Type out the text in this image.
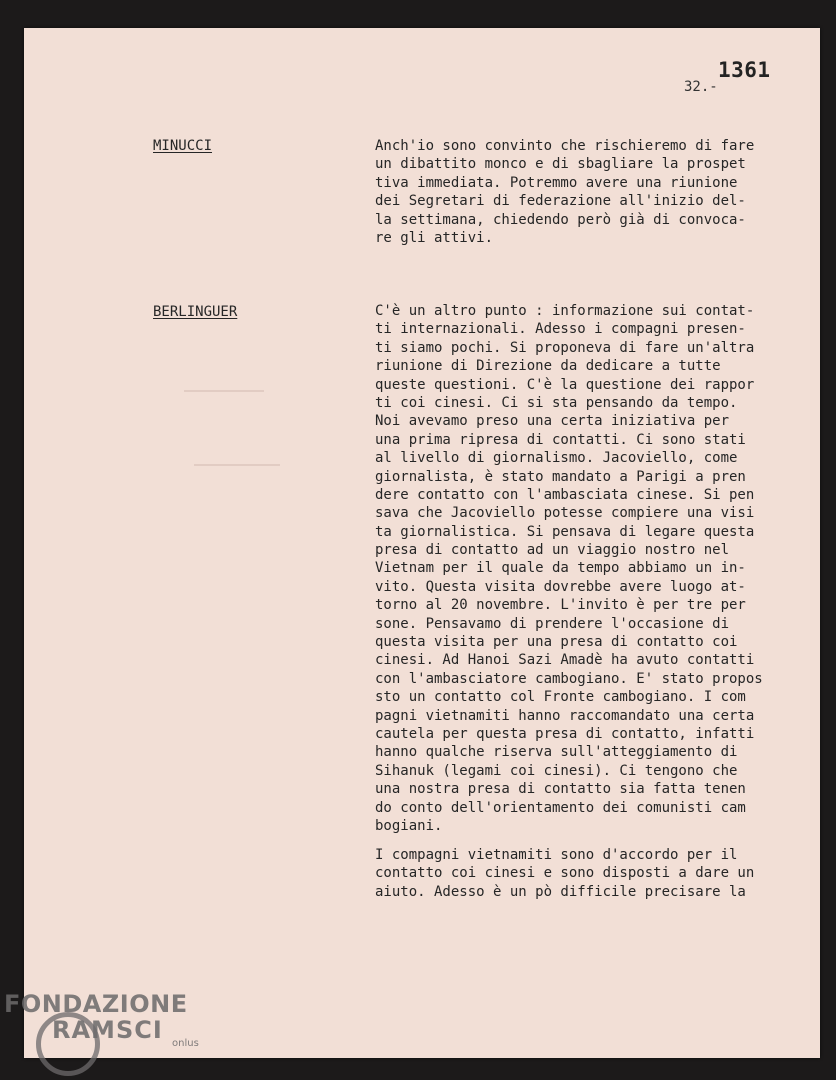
1361
32.-
MINUCCI	Anch'io sono convinto che rischieremo di fare
un dibattito monco e di sbagliare la prospet
tiva immediata. Potremmo avere una riunione
dei Segretari di federazione all'inizio del-
la settimana, chiedendo però già di convoca-
re gli attivi.
BERLINGUER	C'è un altro punto : informazione sui contat-
ti internazionali. Adesso i compagni presen-
ti siamo pochi. Si proponeva di fare un'altra
riunione di Direzione da dedicare a tutte
queste questioni. C'è la questione dei rappor
ti coi cinesi. Ci si sta pensando da tempo.
Noi avevamo preso una certa iniziativa per
una prima ripresa di contatti. Ci sono stati
al livello di giornalismo. Jacoviello, come
giornalista, è stato mandato a Parigi a pren
dere contatto con l'ambasciata cinese. Si pen
sava che Jacoviello potesse compiere una visi
ta giornalistica. Si pensava di legare questa
presa di contatto ad un viaggio nostro nel
Vietnam per il quale da tempo abbiamo un in-
vito. Questa visita dovrebbe avere luogo at-
torno al 20 novembre. L'invito è per tre per
sone. Pensavamo di prendere l'occasione di
questa visita per una presa di contatto coi
cinesi. Ad Hanoi Sazi Amadè ha avuto contatti
con l'ambasciatore cambogiano. E' stato propos
sto un contatto col Fronte cambogiano. I com
pagni vietnamiti hanno raccomandato una certa
cautela per questa presa di contatto, infatti
hanno qualche riserva sull'atteggiamento di
Sihanuk (legami coi cinesi). Ci tengono che
una nostra presa di contatto sia fatta tenen
do conto dell'orientamento dei comunisti cam
bogiani.
I compagni vietnamiti sono d'accordo per il
contatto coi cinesi e sono disposti a dare un
aiuto. Adesso è un pò difficile precisare la
FONDAZIONE
RAMSCI onlus
